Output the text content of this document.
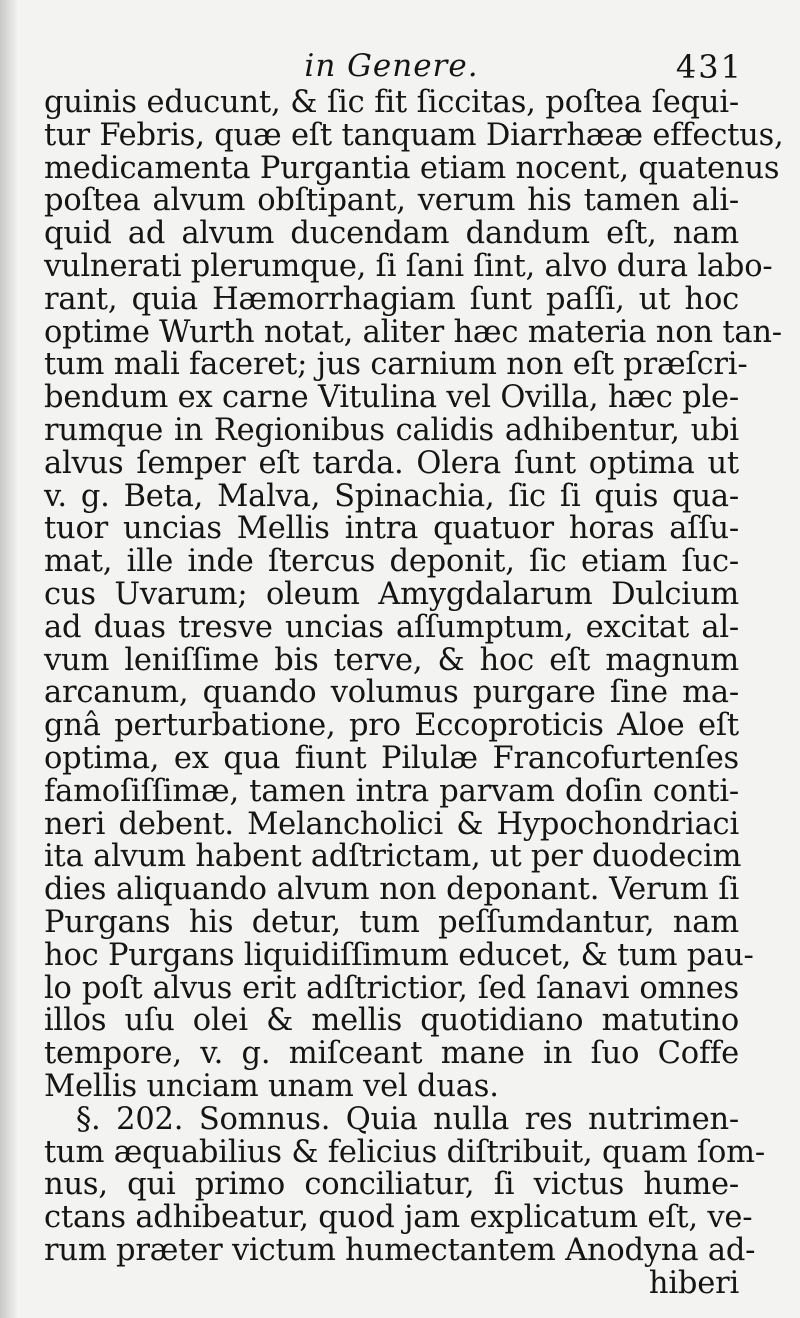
in Genere.	431
guinis educunt, & ſic fit ſiccitas, poſtea ſequi-
tur Febris, quæ eſt tanquam Diarrhææ effectus,
medicamenta Purgantia etiam nocent, quatenus
poſtea alvum obſtipant, verum his tamen ali-
quid ad alvum ducendam dandum eſt, nam
vulnerati plerumque, ſi ſani ſint, alvo dura labo-
rant, quia Hæmorrhagiam ſunt paſſi, ut hoc
optime Wurth notat, aliter hæc materia non tan-
tum mali faceret; jus carnium non eſt præſcri-
bendum ex carne Vitulina vel Ovilla, hæc ple-
rumque in Regionibus calidis adhibentur, ubi
alvus ſemper eſt tarda. Olera ſunt optima ut
v. g. Beta, Malva, Spinachia, ſic ſi quis qua-
tuor uncias Mellis intra quatuor horas aſſu-
mat, ille inde ſtercus deponit, ſic etiam ſuc-
cus Uvarum; oleum Amygdalarum Dulcium
ad duas tresve uncias aſſumptum, excitat al-
vum leniſſime bis terve, & hoc eſt magnum
arcanum, quando volumus purgare ſine ma-
gnâ perturbatione, pro Eccoproticis Aloe eſt
optima, ex qua fiunt Pilulæ Francofurtenſes
famoſiſſimæ, tamen intra parvam doſin conti-
neri debent. Melancholici & Hypochondriaci
ita alvum habent adſtrictam, ut per duodecim
dies aliquando alvum non deponant. Verum ſi
Purgans his detur, tum peſſumdantur, nam
hoc Purgans liquidiſſimum educet, & tum pau-
lo poſt alvus erit adſtrictior, ſed ſanavi omnes
illos uſu olei & mellis quotidiano matutino
tempore, v. g. miſceant mane in ſuo Coffe
Mellis unciam unam vel duas.
§. 202. Somnus. Quia nulla res nutrimen-
tum æquabilius & felicius diſtribuit, quam ſom-
nus, qui primo conciliatur, ſi victus hume-
ctans adhibeatur, quod jam explicatum eſt, ve-
rum præter victum humectantem Anodyna ad-
hiberi
